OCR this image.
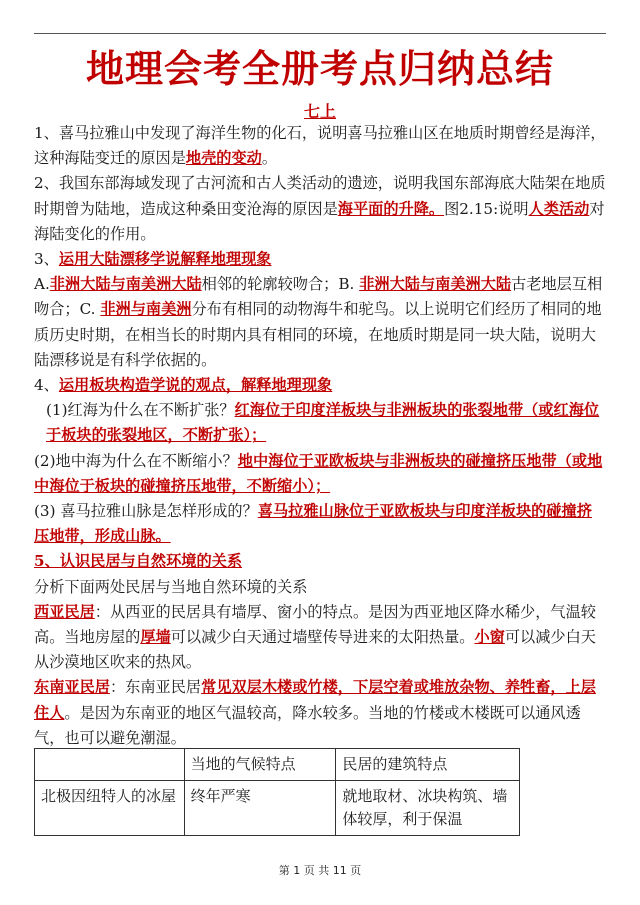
地理会考全册考点归纳总结
七上

1、喜马拉雅山中发现了海洋生物的化石，说明喜马拉雅山区在地质时期曾经是海洋，这种海陆变迁的原因是地壳的变动。

2、我国东部海域发现了古河流和古人类活动的遗迹，说明我国东部海底大陆架在地质时期曾为陆地，造成这种桑田变沧海的原因是海平面的升降。图2.15:说明人类活动对海陆变化的作用。

3、运用大陆漂移学说解释地理现象

A.非洲大陆与南美洲大陆相邻的轮廓较吻合；B. 非洲大陆与南美洲大陆古老地层互相吻合；C. 非洲与南美洲分布有相同的动物海牛和驼鸟。以上说明它们经历了相同的地质历史时期，在相当长的时期内具有相同的环境，在地质时期是同一块大陆，说明大陆漂移说是有科学依据的。

4、运用板块构造学说的观点，解释地理现象

(1)红海为什么在不断扩张？红海位于印度洋板块与非洲板块的张裂地带（或红海位于板块的张裂地区，不断扩张）；

(2)地中海为什么在不断缩小？地中海位于亚欧板块与非洲板块的碰撞挤压地带（或地中海位于板块的碰撞挤压地带，不断缩小）；

(3) 喜马拉雅山脉是怎样形成的？喜马拉雅山脉位于亚欧板块与印度洋板块的碰撞挤压地带，形成山脉。

5、认识民居与自然环境的关系

分析下面两处民居与当地自然环境的关系

西亚民居：从西亚的民居具有墙厚、窗小的特点。是因为西亚地区降水稀少，气温较高。当地房屋的厚墙可以减少白天通过墙壁传导进来的太阳热量。小窗可以减少白天从沙漠地区吹来的热风。

东南亚民居：东南亚民居常见双层木楼或竹楼，下层空着或堆放杂物、养牲畜，上层住人。是因为东南亚的地区气温较高，降水较多。当地的竹楼或木楼既可以通风透气，也可以避免潮湿。

	当地的气候特点	民居的建筑特点
北极因纽特人的冰屋	终年严寒	就地取材、冰块构筑、墙体较厚，利于保温
第 1 页 共 11 页
